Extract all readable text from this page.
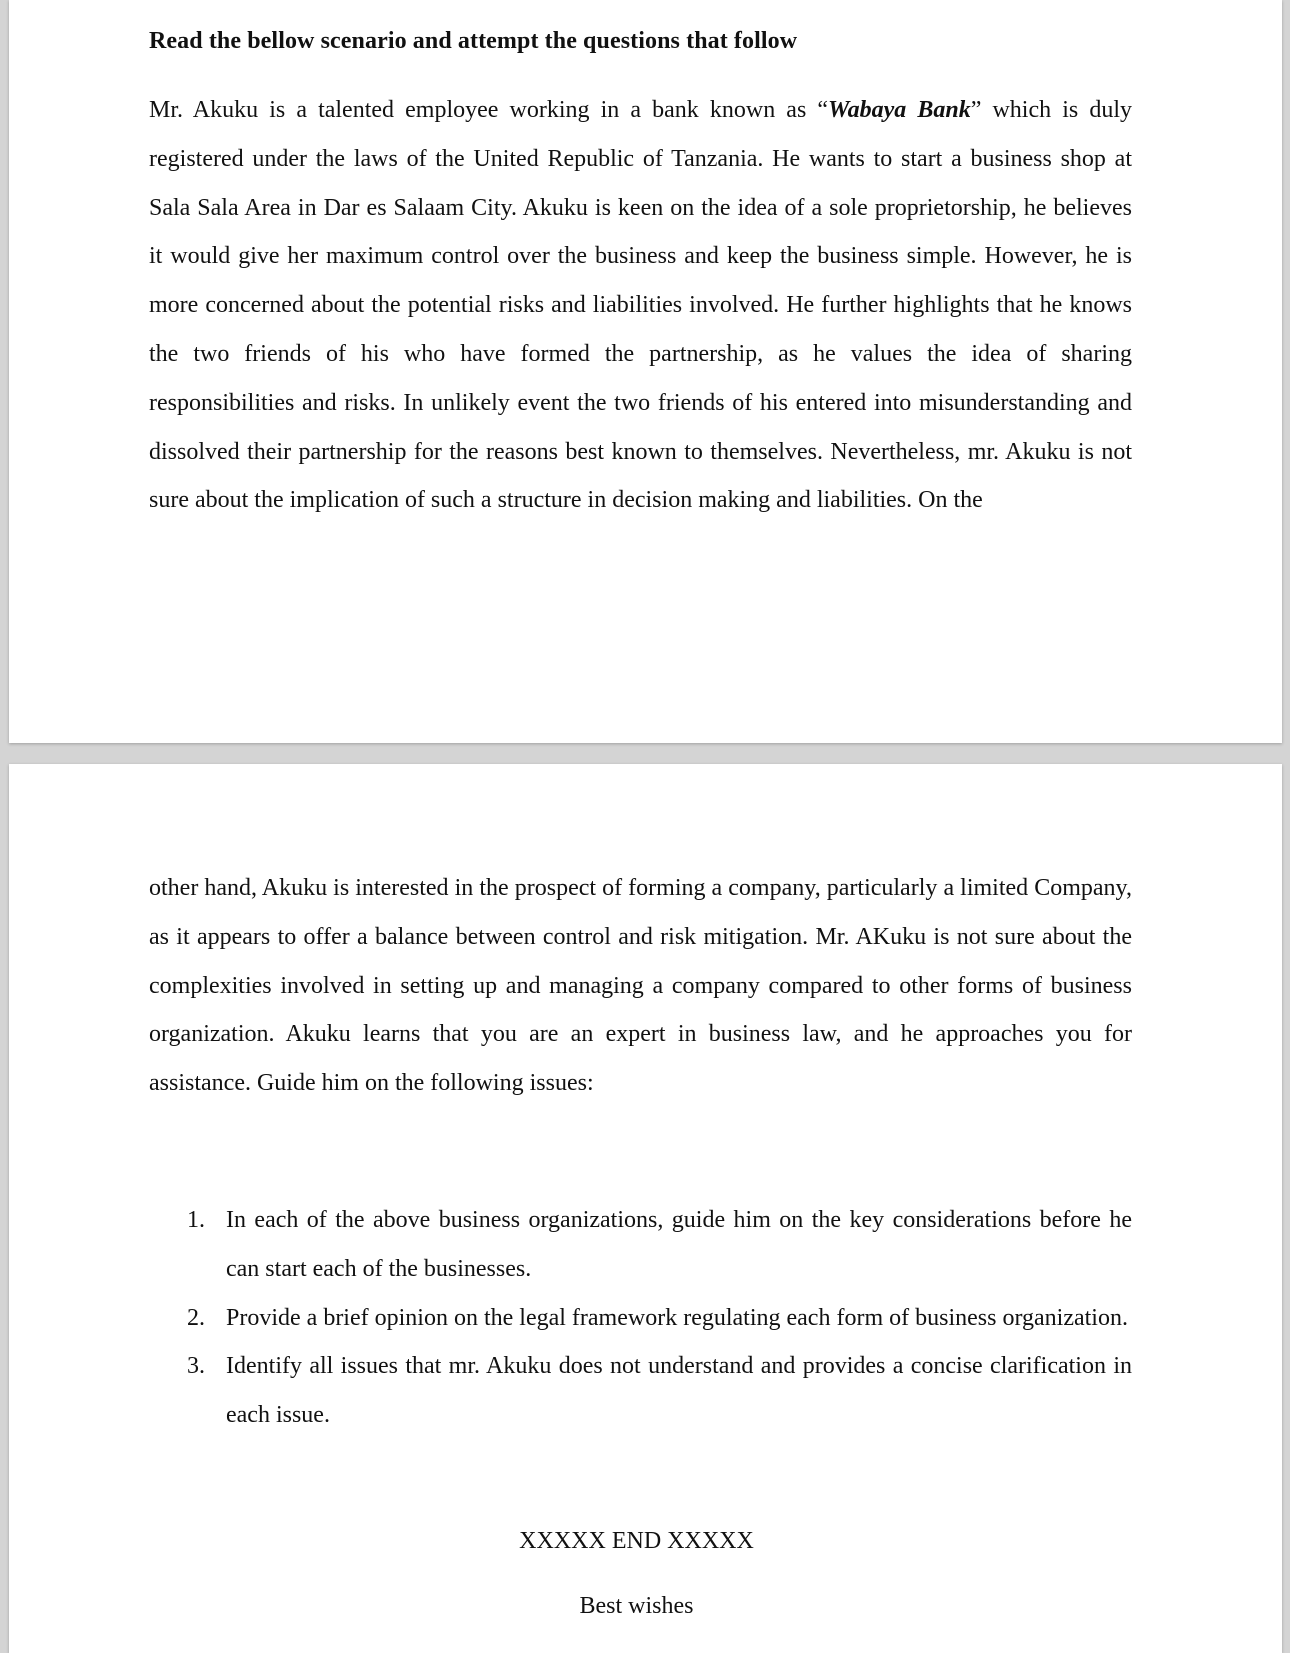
Read the bellow scenario and attempt the questions that follow

Mr. Akuku is a talented employee working in a bank known as “Wabaya Bank” which is duly registered under the laws of the United Republic of Tanzania. He wants to start a business shop at Sala Sala Area in Dar es Salaam City. Akuku is keen on the idea of a sole proprietorship, he believes it would give her maximum control over the business and keep the business simple. However, he is more concerned about the potential risks and liabilities involved. He further highlights that he knows the two friends of his who have formed the partnership, as he values the idea of sharing responsibilities and risks. In unlikely event the two friends of his entered into misunderstanding and dissolved their partnership for the reasons best known to themselves. Nevertheless, mr. Akuku is not sure about the implication of such a structure in decision making and liabilities. On the

other hand, Akuku is interested in the prospect of forming a company, particularly a limited Company, as it appears to offer a balance between control and risk mitigation. Mr. AKuku is not sure about the complexities involved in setting up and managing a company compared to other forms of business organization. Akuku learns that you are an expert in business law, and he approaches you for assistance. Guide him on the following issues:

1. In each of the above business organizations, guide him on the key considerations before he can start each of the businesses.
2. Provide a brief opinion on the legal framework regulating each form of business organization.
3. Identify all issues that mr. Akuku does not understand and provides a concise clarification in each issue.

XXXXX END XXXXX

Best wishes
